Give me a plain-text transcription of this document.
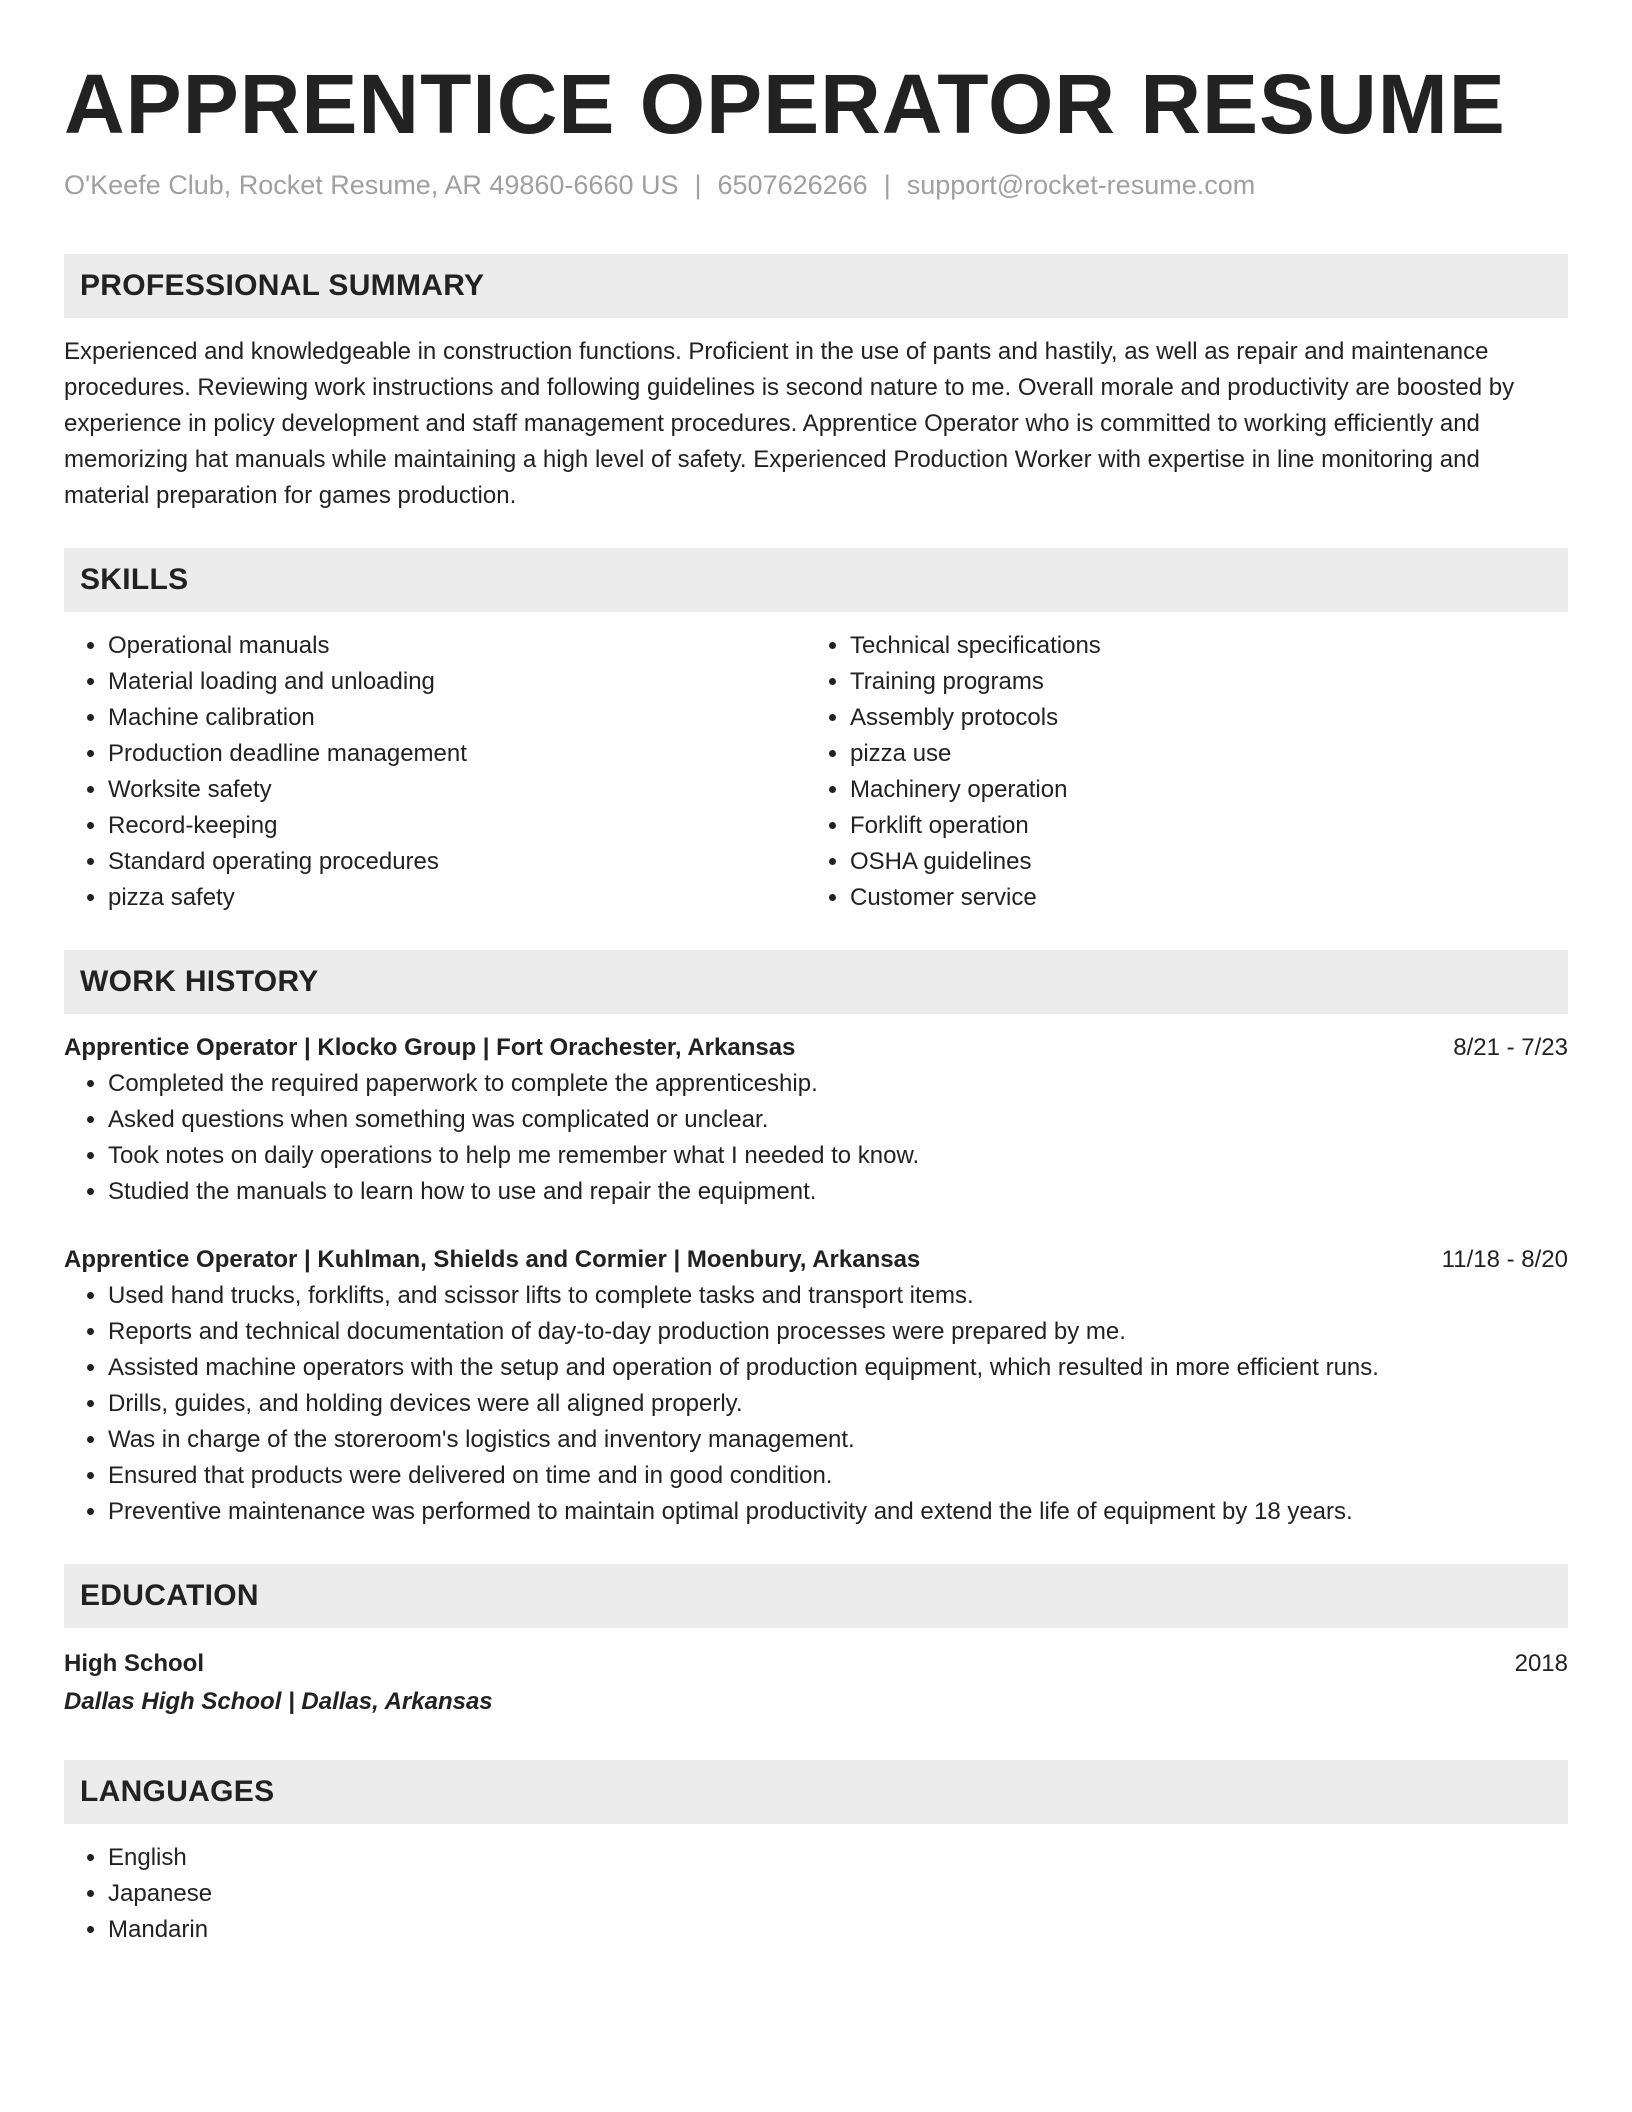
APPRENTICE OPERATOR RESUME
O'Keefe Club, Rocket Resume, AR 49860-6660 US | 6507626266 | support@rocket-resume.com
PROFESSIONAL SUMMARY
Experienced and knowledgeable in construction functions. Proficient in the use of pants and hastily, as well as repair and maintenance procedures. Reviewing work instructions and following guidelines is second nature to me. Overall morale and productivity are boosted by experience in policy development and staff management procedures. Apprentice Operator who is committed to working efficiently and memorizing hat manuals while maintaining a high level of safety. Experienced Production Worker with expertise in line monitoring and material preparation for games production.
SKILLS
• Operational manuals
• Material loading and unloading
• Machine calibration
• Production deadline management
• Worksite safety
• Record-keeping
• Standard operating procedures
• pizza safety
• Technical specifications
• Training programs
• Assembly protocols
• pizza use
• Machinery operation
• Forklift operation
• OSHA guidelines
• Customer service
WORK HISTORY
Apprentice Operator | Klocko Group | Fort Orachester, Arkansas	8/21 - 7/23
• Completed the required paperwork to complete the apprenticeship.
• Asked questions when something was complicated or unclear.
• Took notes on daily operations to help me remember what I needed to know.
• Studied the manuals to learn how to use and repair the equipment.
Apprentice Operator | Kuhlman, Shields and Cormier | Moenbury, Arkansas	11/18 - 8/20
• Used hand trucks, forklifts, and scissor lifts to complete tasks and transport items.
• Reports and technical documentation of day-to-day production processes were prepared by me.
• Assisted machine operators with the setup and operation of production equipment, which resulted in more efficient runs.
• Drills, guides, and holding devices were all aligned properly.
• Was in charge of the storeroom's logistics and inventory management.
• Ensured that products were delivered on time and in good condition.
• Preventive maintenance was performed to maintain optimal productivity and extend the life of equipment by 18 years.
EDUCATION
High School	2018
Dallas High School | Dallas, Arkansas
LANGUAGES
• English
• Japanese
• Mandarin
